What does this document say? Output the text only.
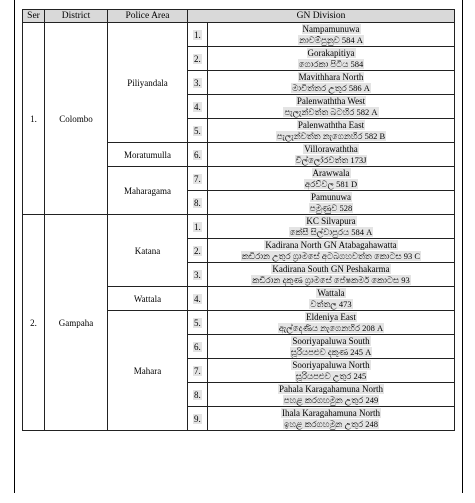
Ser	District	Police Area	GN Division	
1.	Colombo	Piliyandala	1.	Nampamunuwa
නාවම්පුනුව 584 A

			2.	Gorakapitiya
ගොරකා පිටිය 584

			3.	Mavithhara North
මාවිත්තර උතුර 586 A

			4.	Palenwaththa West
පැලැන්වත්ත බටහිර 582 A

			5.	Palenwaththa East
පැලැන්වත්ත නැගෙනහිර 582 B

		Moratumulla	6.	Villorawaththa
විල්ලෝරවත්ත 173J

		Maharagama	7.	Arawwala
අරව්වල 581 D

			8.	Pamunuwa
පමුණුව 528

2.	Gampaha	Katana	1.	KC Silvapura
කේසී සිල්වාපුරය 584 A

			2.	Kadirana North GN Atabagahawatta
කඩිරාන උතුර ග්‍රාමසේ අටබගහවත්ත කොටස 93 C

			3.	Kadirana South GN Peshakarma
කඩිරාන දකුණ ග්‍රාමසේ පේෂකර්ම කොටස 93

		Wattala	4.	Wattala
වත්තල 473

		Mahara	5.	Eldeniya East
ඇල්දෙණිය නැගෙනහිර 208 A

			6.	Sooriyapaluwa South
සූරියපළුව දකුණ 245 A

			7.	Sooriyapaluwa North
සූරියපළුව උතුර 245

			8.	Pahala Karagahamuna North
පහළ කරගහමුන උතුර 249

			9.	Ihala Karagahamuna North
ඉහළ කරගහමුන උතුර 248
